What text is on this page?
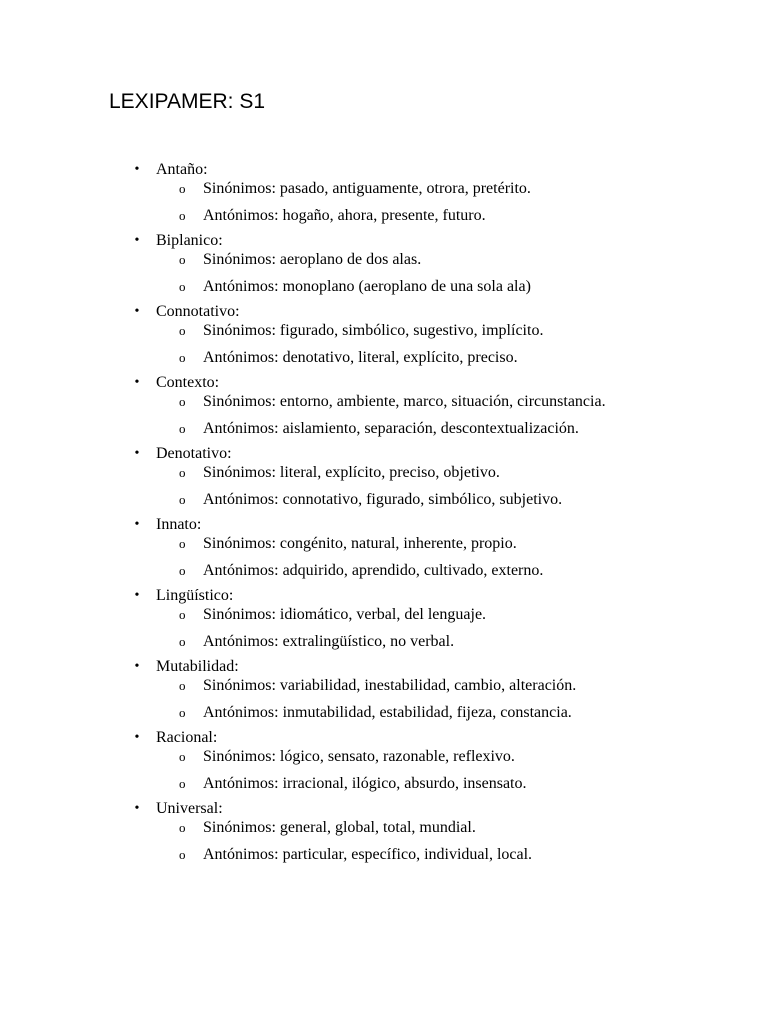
LEXIPAMER: S1
• Antaño:
o Sinónimos: pasado, antiguamente, otrora, pretérito.
o Antónimos: hogaño, ahora, presente, futuro.
• Biplanico:
o Sinónimos: aeroplano de dos alas.
o Antónimos: monoplano (aeroplano de una sola ala)
• Connotativo:
o Sinónimos: figurado, simbólico, sugestivo, implícito.
o Antónimos: denotativo, literal, explícito, preciso.
• Contexto:
o Sinónimos: entorno, ambiente, marco, situación, circunstancia.
o Antónimos: aislamiento, separación, descontextualización.
• Denotativo:
o Sinónimos: literal, explícito, preciso, objetivo.
o Antónimos: connotativo, figurado, simbólico, subjetivo.
• Innato:
o Sinónimos: congénito, natural, inherente, propio.
o Antónimos: adquirido, aprendido, cultivado, externo.
• Lingüístico:
o Sinónimos: idiomático, verbal, del lenguaje.
o Antónimos: extralingüístico, no verbal.
• Mutabilidad:
o Sinónimos: variabilidad, inestabilidad, cambio, alteración.
o Antónimos: inmutabilidad, estabilidad, fijeza, constancia.
• Racional:
o Sinónimos: lógico, sensato, razonable, reflexivo.
o Antónimos: irracional, ilógico, absurdo, insensato.
• Universal:
o Sinónimos: general, global, total, mundial.
o Antónimos: particular, específico, individual, local.
